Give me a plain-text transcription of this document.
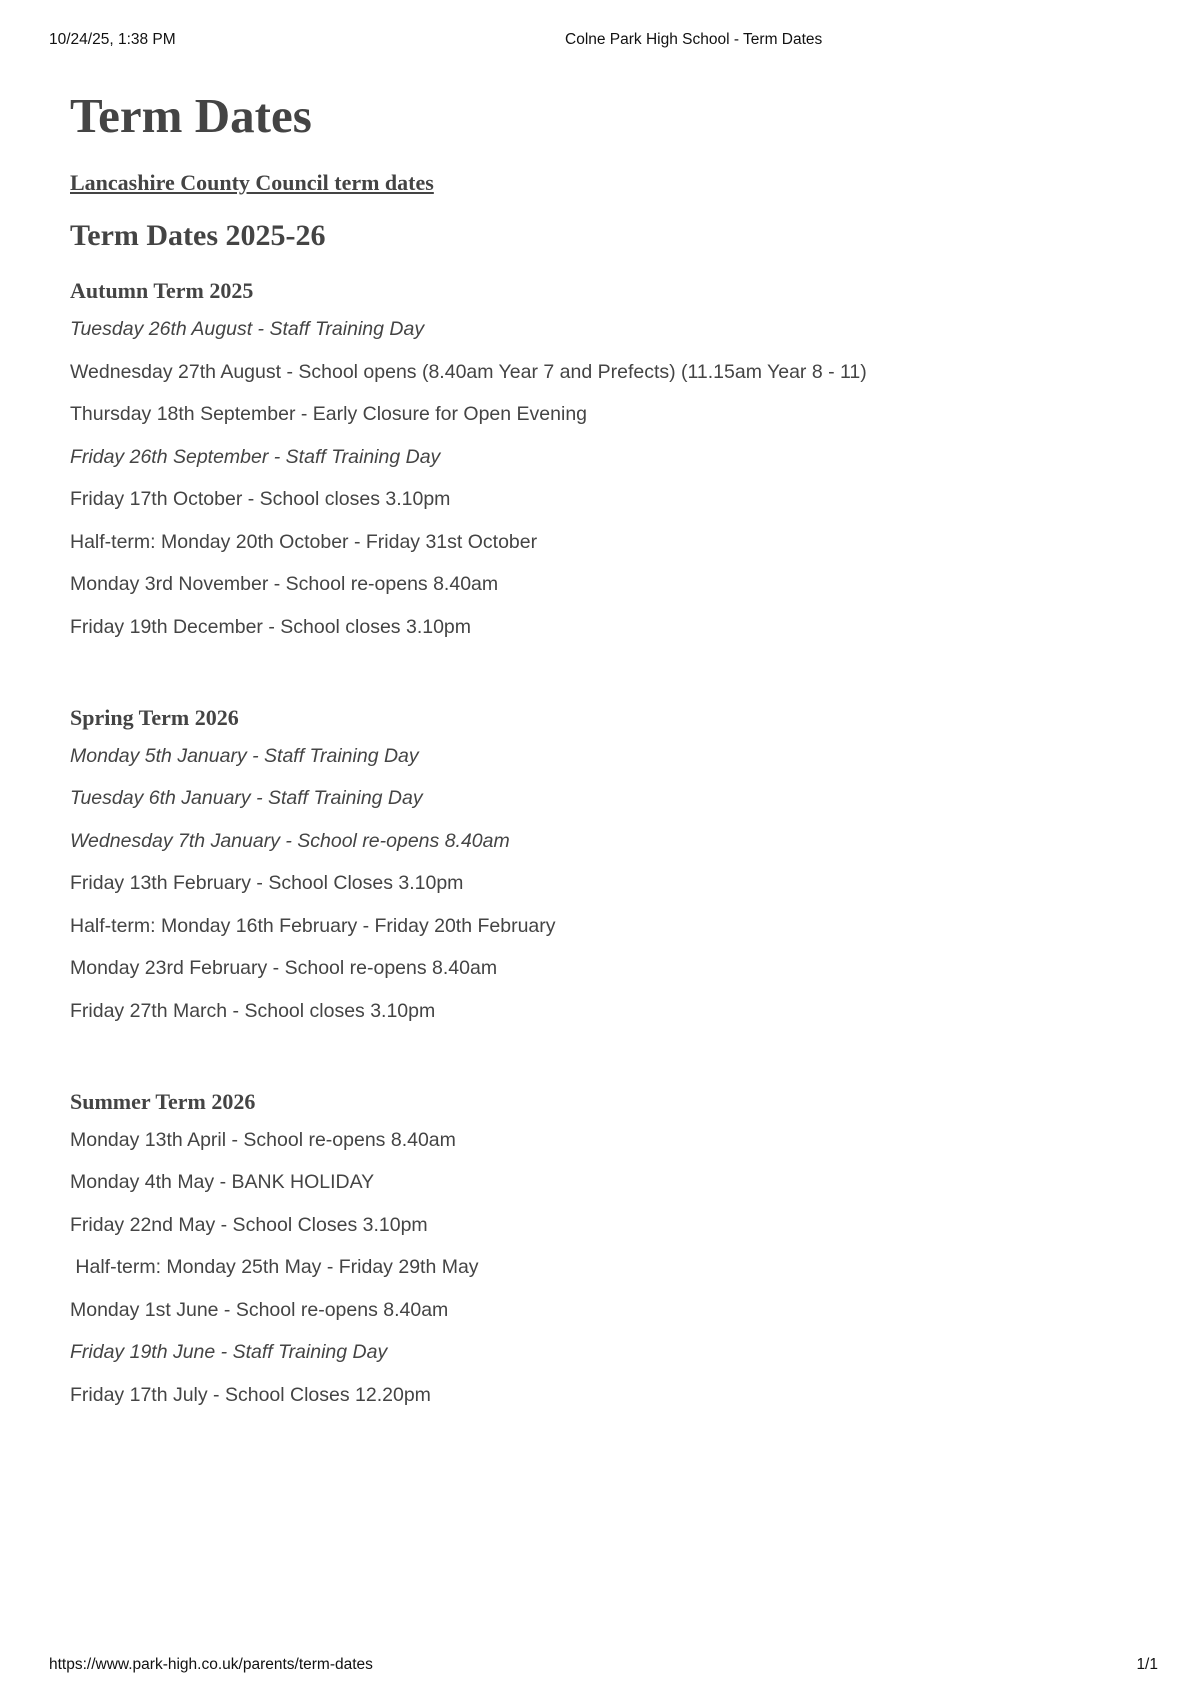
10/24/25, 1:38 PM	Colne Park High School - Term Dates
Term Dates
Lancashire County Council term dates
Term Dates 2025-26
Autumn Term 2025
Tuesday 26th August - Staff Training Day
Wednesday 27th August - School opens (8.40am Year 7 and Prefects) (11.15am Year 8 - 11)
Thursday 18th September - Early Closure for Open Evening
Friday 26th September - Staff Training Day
Friday 17th October - School closes 3.10pm
Half-term: Monday 20th October - Friday 31st October
Monday 3rd November - School re-opens 8.40am
Friday 19th December - School closes 3.10pm
Spring Term 2026
Monday 5th January - Staff Training Day
Tuesday 6th January - Staff Training Day
Wednesday 7th January - School re-opens 8.40am
Friday 13th February - School Closes 3.10pm
Half-term: Monday 16th February - Friday 20th February
Monday 23rd February - School re-opens 8.40am
Friday 27th March - School closes 3.10pm
Summer Term 2026
Monday 13th April - School re-opens 8.40am
Monday 4th May - BANK HOLIDAY
Friday 22nd May - School Closes 3.10pm
Half-term: Monday 25th May - Friday 29th May
Monday 1st June - School re-opens 8.40am
Friday 19th June - Staff Training Day
Friday 17th July - School Closes 12.20pm
https://www.park-high.co.uk/parents/term-dates	1/1
